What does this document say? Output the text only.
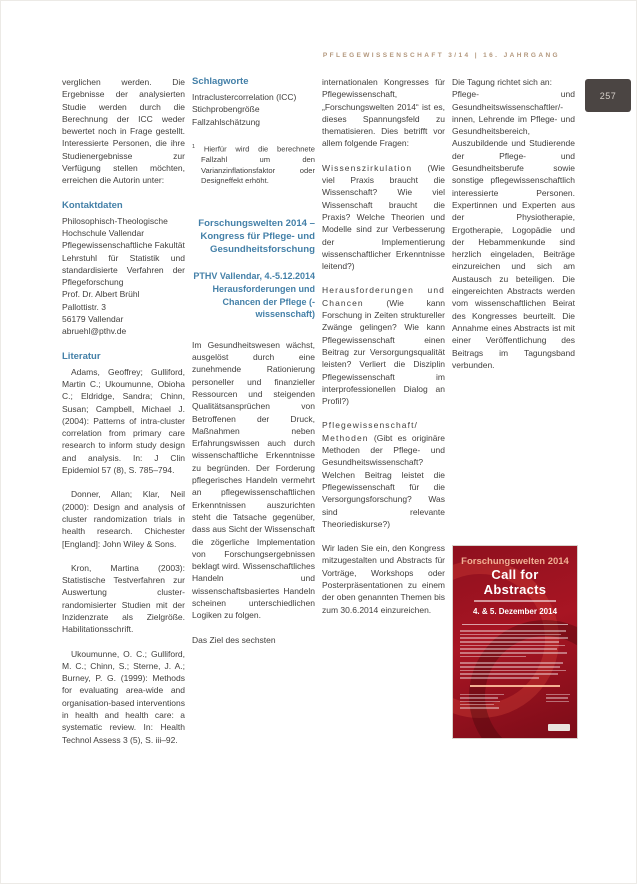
PFLEGEWISSENSCHAFT 3/14 | 16. JAHRGANG
257

verglichen werden. Die Ergebnisse der analysierten Studie werden durch die Berechnung der ICC weder bewertet noch in Frage gestellt. Interessierte Personen, die ihre Studienergebnisse zur Verfügung stellen möchten, erreichen die Autorin unter:

Kontaktdaten
Philosophisch-Theologische Hochschule Vallendar
Pflegewissenschaftliche Fakultät
Lehrstuhl für Statistik und standardisierte Verfahren der Pflegeforschung
Prof. Dr. Albert Brühl
Pallottistr. 3
56179 Vallendar
abruehl@pthv.de
Literatur

Adams, Geoffrey; Gulliford, Martin C.; Ukoumunne, Obioha C.; Eldridge, Sandra; Chinn, Susan; Campbell, Michael J. (2004): Patterns of intra-cluster correlation from primary care research to inform study design and analysis. In: J Clin Epidemiol 57 (8), S. 785–794.

Donner, Allan; Klar, Neil (2000): Design and analysis of cluster randomization trials in health research. Chichester [England]: John Wiley & Sons.

Kron, Martina (2003): Statistische Testverfahren zur Auswertung cluster-randomisierter Studien mit der Inzidenzrate als Zielgröße. Habilitationsschrift.

Ukoumunne, O. C.; Gulliford, M. C.; Chinn, S.; Sterne, J. A.; Burney, P. G. (1999): Methods for evaluating area-wide and organisation-based interventions in health and health care: a systematic review. In: Health Technol Assess 3 (5), S. iii–92.

Schlagworte
Intraclustercorrelation (ICC)
Stichprobengröße
Fallzahlschätzung

$^1$ Hierfür wird die berechnete Fallzahl um den Varianzinflationsfaktor oder Designeffekt erhöht.

Forschungswelten 2014 – Kongress für Pflege- und Gesundheitsforschung
PTHV Vallendar, 4.-5.12.2014
Herausforderungen und Chancen der Pflege (-wissenschaft)

Im Gesundheitswesen wächst, ausgelöst durch eine zunehmende Rationierung personeller und finanzieller Ressourcen und steigenden Qualitätsansprüchen von Betroffenen der Druck, Maßnahmen neben Erfahrungswissen auch durch wissenschaftliche Erkenntnisse zu begründen. Der Forderung pflegerisches Handeln vermehrt an pflegewissenschaftlichen Erkenntnissen auszurichten steht die Tatsache gegenüber, dass aus Sicht der Wissenschaft die zögerliche Implementation von Forschungsergebnissen beklagt wird. Wissenschaftliches Handeln und wissenschaftsbasiertes Handeln scheinen unterschiedlichen Logiken zu folgen.

Das Ziel des sechsten

internationalen Kongresses für Pflegewissenschaft, „Forschungswelten 2014“ ist es, dieses Spannungsfeld zu thematisieren. Dies betrifft vor allem folgende Fragen:

Wissenszirkulation (Wie viel Praxis braucht die Wissenschaft? Wie viel Wissenschaft braucht die Praxis? Welche Theorien und Modelle sind zur Verbesserung der Implementierung wissenschaftlicher Erkenntnisse leitend?)

Herausforderungen und Chancen	(Wie kann Forschung in Zeiten struktureller Zwänge gelingen? Wie kann Pflegewissenschaft einen Beitrag zur Versorgungsqualität leisten? Verliert die Disziplin Pflegewissenschaft im interprofessionellen Dialog an Profil?)

Pflegewissenschaft/ Methoden (Gibt es originäre Methoden der Pflege- und Gesundheitswissenschaft? Welchen Beitrag leistet die Pflegewissenschaft für die Versorgungsforschung? Was sind relevante Theoriediskurse?)

Wir laden Sie ein, den Kongress mitzugestalten und Abstracts für Vorträge, Workshops oder Posterpräsentationen zu einem der oben genannten Themen bis zum 30.6.2014 einzureichen.

Die Tagung richtet sich an:

Pflege- und Gesundheitswissenschaftler/-innen, Lehrende im Pflege- und Gesundheitsbereich, Auszubildende und Studierende der Pflege- und Gesundheitsberufe sowie sonstige pflegewissenschaftlich interessierte Personen. Expertinnen und Experten aus der Physiotherapie, Ergotherapie, Logopädie und der Hebammenkunde sind herzlich eingeladen, Beiträge einzureichen und sich am Austausch zu beteiligen. Die eingereichten Abstracts werden vom wissenschaftlichen Beirat des Kongresses beurteilt. Die Annahme eines Abstracts ist mit einer Veröffentlichung des Beitrags im Tagungsband verbunden.

Forschungswelten 2014
Call for Abstracts
4. & 5. Dezember 2014
